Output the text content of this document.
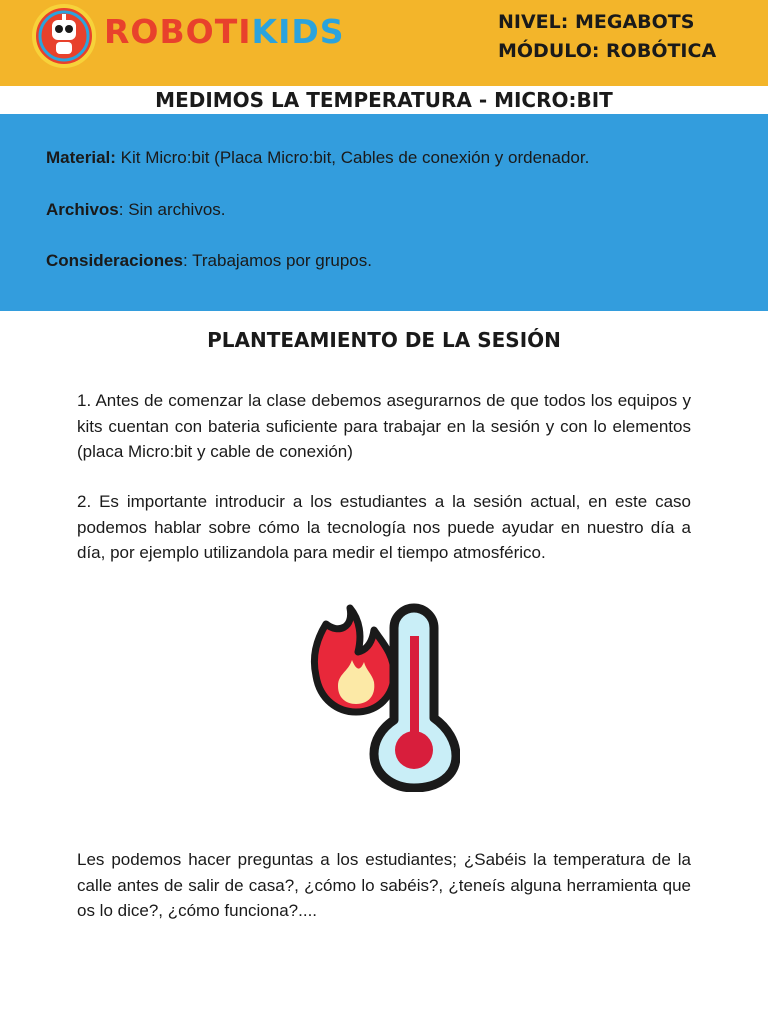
ROBOTIKIDS	NIVEL: MEGABOTS
MÓDULO: ROBÓTICA
MEDIMOS LA TEMPERATURA - MICRO:BIT

Material: Kit Micro:bit (Placa Micro:bit, Cables de conexión y ordenador.

Archivos: Sin archivos.

Consideraciones: Trabajamos por grupos.

PLANTEAMIENTO DE LA SESIÓN

1. Antes de comenzar la clase debemos asegurarnos de que todos los equipos y kits cuentan con bateria suficiente para trabajar en la sesión y con lo elementos (placa Micro:bit y cable de conexión)

2. Es importante introducir a los estudiantes a la sesión actual, en este caso podemos hablar sobre cómo la tecnología nos puede ayudar en nuestro día a día, por ejemplo utilizandola para medir el tiempo atmosférico.

Les podemos hacer preguntas a los estudiantes; ¿Sabéis la temperatura de la calle antes de salir de casa?, ¿cómo lo sabéis?, ¿teneís alguna herramienta que os lo dice?, ¿cómo funciona?....
